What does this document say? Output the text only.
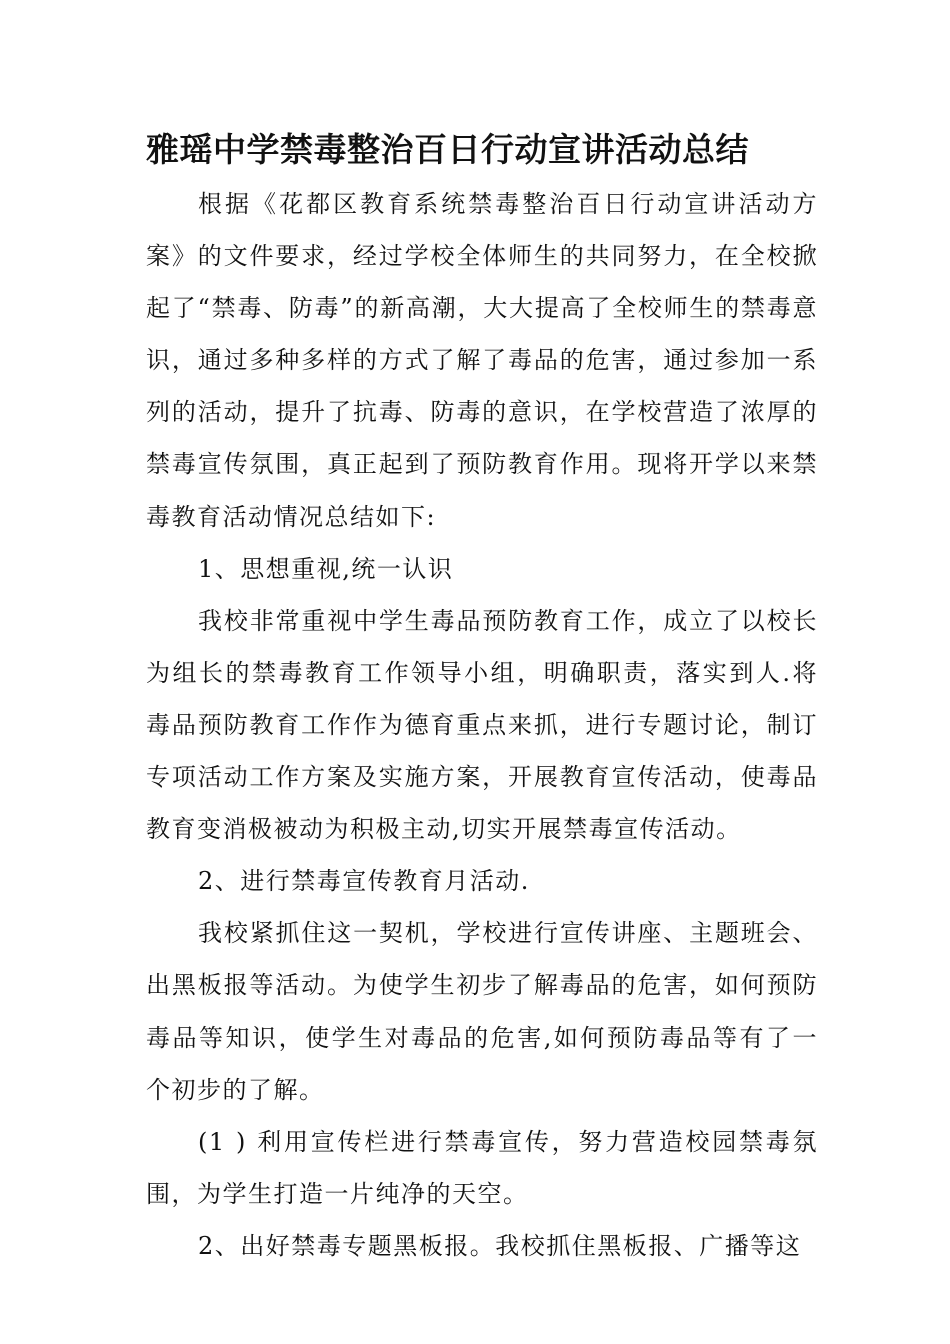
雅瑶中学禁毒整治百日行动宣讲活动总结

根据《花都区教育系统禁毒整治百日行动宣讲活动方案》的文件要求，经过学校全体师生的共同努力，在全校掀起了“禁毒、防毒”的新高潮，大大提高了全校师生的禁毒意识，通过多种多样的方式了解了毒品的危害，通过参加一系列的活动，提升了抗毒、防毒的意识，在学校营造了浓厚的禁毒宣传氛围，真正起到了预防教育作用。现将开学以来禁毒教育活动情况总结如下:

1、思想重视,统一认识

我校非常重视中学生毒品预防教育工作，成立了以校长为组长的禁毒教育工作领导小组，明确职责，落实到人.将毒品预防教育工作作为德育重点来抓，进行专题讨论，制订专项活动工作方案及实施方案，开展教育宣传活动，使毒品教育变消极被动为积极主动,切实开展禁毒宣传活动。

2、进行禁毒宣传教育月活动.

我校紧抓住这一契机，学校进行宣传讲座、主题班会、出黑板报等活动。为使学生初步了解毒品的危害，如何预防毒品等知识，使学生对毒品的危害,如何预防毒品等有了一个初步的了解。

(1 ) 利用宣传栏进行禁毒宣传，努力营造校园禁毒氛围，为学生打造一片纯净的天空。

2、出好禁毒专题黑板报。我校抓住黑板报、广播等这
